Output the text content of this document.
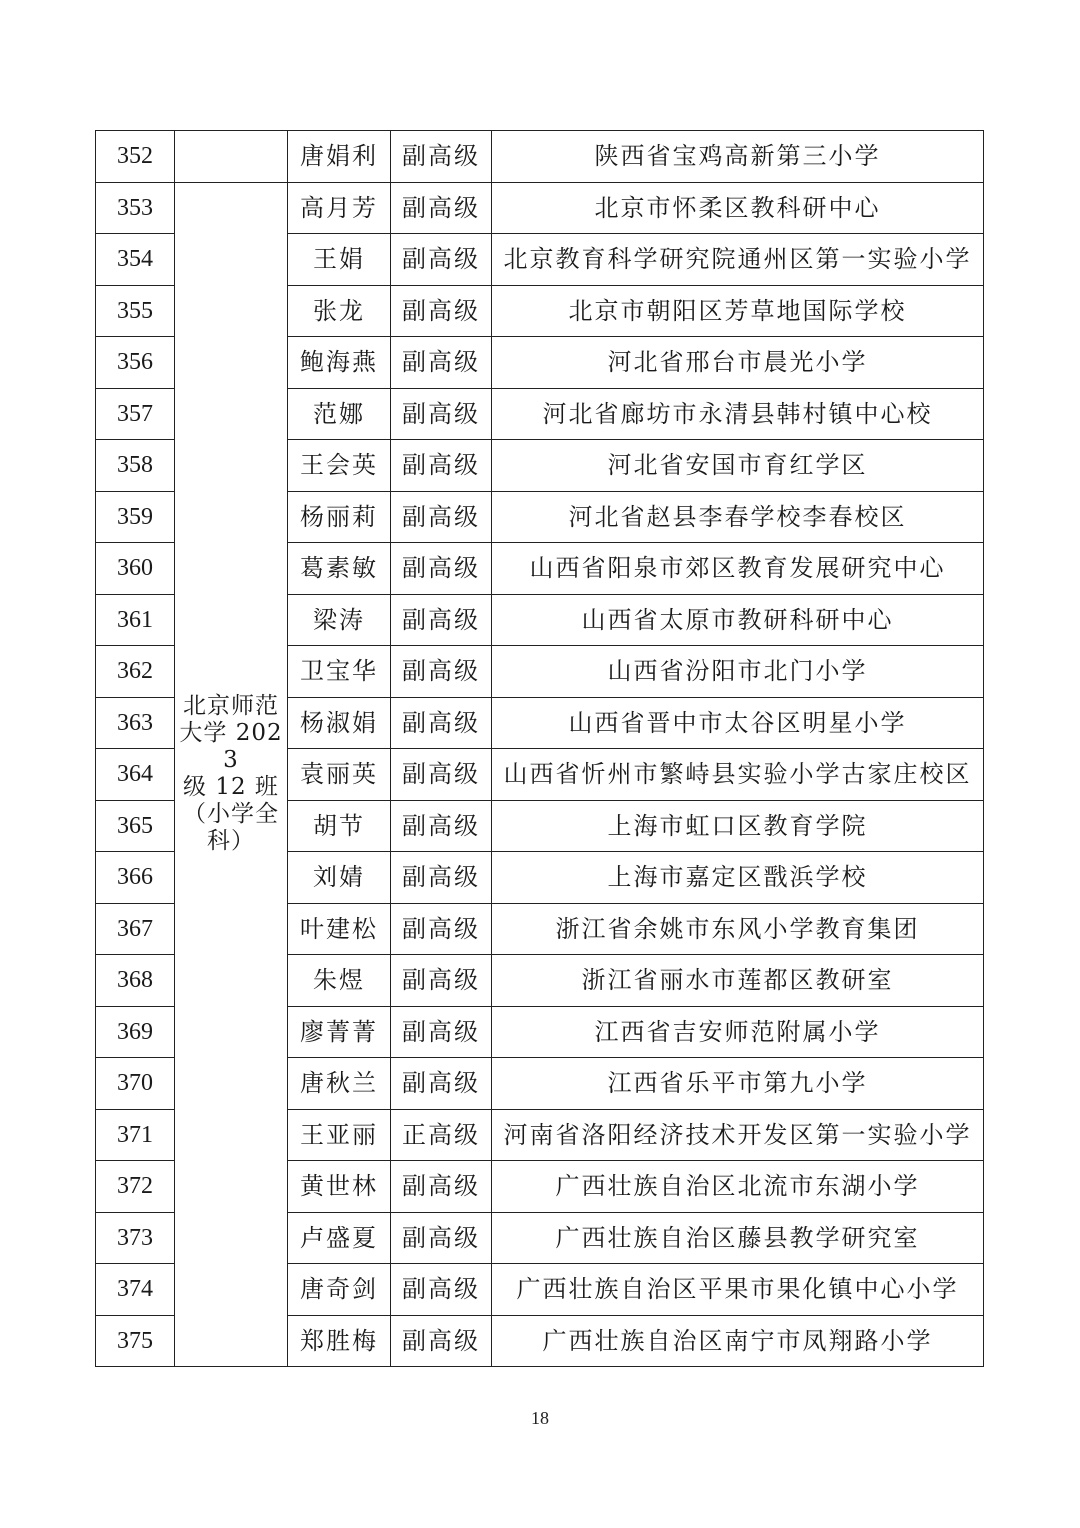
352		唐娟利	副高级	陕西省宝鸡高新第三小学
353	北京师范
大学 2023
级 12 班
（小学全
科）	高月芳	副高级	北京市怀柔区教科研中心
354		王娟	副高级	北京教育科学研究院通州区第一实验小学
355		张龙	副高级	北京市朝阳区芳草地国际学校
356		鲍海燕	副高级	河北省邢台市晨光小学
357		范娜	副高级	河北省廊坊市永清县韩村镇中心校
358		王会英	副高级	河北省安国市育红学区
359		杨丽莉	副高级	河北省赵县李春学校李春校区
360		葛素敏	副高级	山西省阳泉市郊区教育发展研究中心
361		梁涛	副高级	山西省太原市教研科研中心
362		卫宝华	副高级	山西省汾阳市北门小学
363		杨淑娟	副高级	山西省晋中市太谷区明星小学
364		袁丽英	副高级	山西省忻州市繁峙县实验小学古家庄校区
365		胡节	副高级	上海市虹口区教育学院
366		刘婧	副高级	上海市嘉定区戬浜学校
367		叶建松	副高级	浙江省余姚市东风小学教育集团
368		朱煜	副高级	浙江省丽水市莲都区教研室
369		廖菁菁	副高级	江西省吉安师范附属小学
370		唐秋兰	副高级	江西省乐平市第九小学
371		王亚丽	正高级	河南省洛阳经济技术开发区第一实验小学
372		黄世林	副高级	广西壮族自治区北流市东湖小学
373		卢盛夏	副高级	广西壮族自治区藤县教学研究室
374		唐奇剑	副高级	广西壮族自治区平果市果化镇中心小学
375		郑胜梅	副高级	广西壮族自治区南宁市凤翔路小学
18
